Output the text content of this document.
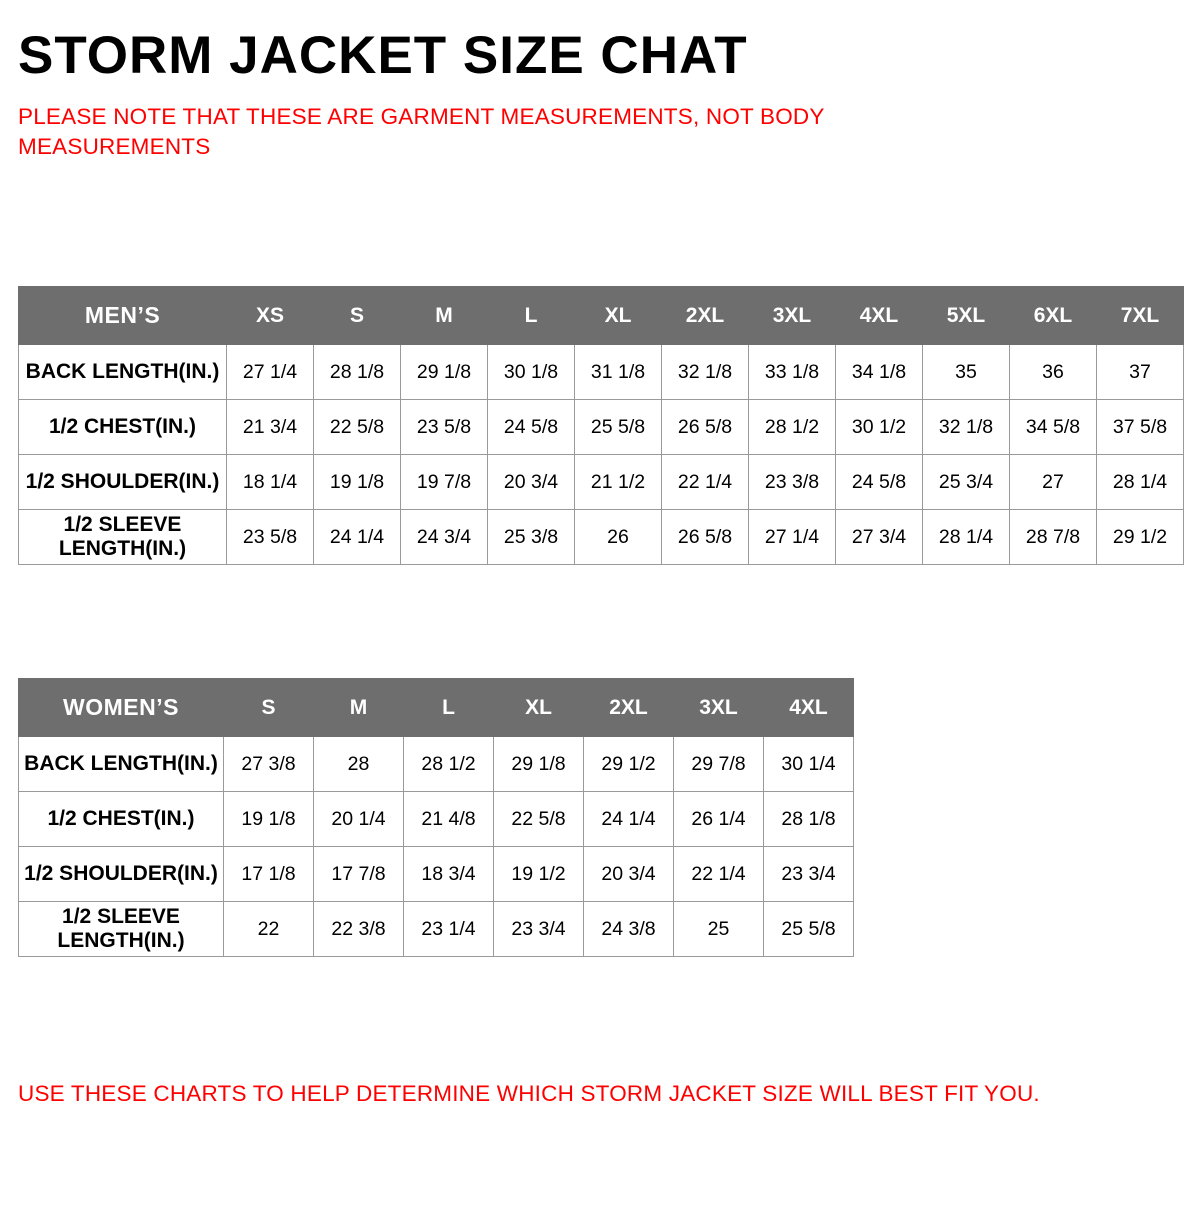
STORM JACKET SIZE CHAT

PLEASE NOTE THAT THESE ARE GARMENT MEASUREMENTS, NOT BODY MEASUREMENTS

MEN’S	XS	S	M	L	XL	2XL	3XL	4XL	5XL	6XL	7XL
BACK LENGTH(IN.)	27 1/4	28 1/8	29 1/8	30 1/8	31 1/8	32 1/8	33 1/8	34 1/8	35	36	37
1/2 CHEST(IN.)	21 3/4	22 5/8	23 5/8	24 5/8	25 5/8	26 5/8	28 1/2	30 1/2	32 1/8	34 5/8	37 5/8
1/2 SHOULDER(IN.)	18 1/4	19 1/8	19 7/8	20 3/4	21 1/2	22 1/4	23 3/8	24 5/8	25 3/4	27	28 1/4
1/2 SLEEVE LENGTH(IN.)	23 5/8	24 1/4	24 3/4	25 3/8	26	26 5/8	27 1/4	27 3/4	28 1/4	28 7/8	29 1/2
WOMEN’S	S	M	L	XL	2XL	3XL	4XL
BACK LENGTH(IN.)	27 3/8	28	28 1/2	29 1/8	29 1/2	29 7/8	30 1/4
1/2 CHEST(IN.)	19 1/8	20 1/4	21 4/8	22 5/8	24 1/4	26 1/4	28 1/8
1/2 SHOULDER(IN.)	17 1/8	17 7/8	18 3/4	19 1/2	20 3/4	22 1/4	23 3/4
1/2 SLEEVE LENGTH(IN.)	22	22 3/8	23 1/4	23 3/4	24 3/8	25	25 5/8
USE THESE CHARTS TO HELP DETERMINE WHICH STORM JACKET SIZE WILL BEST FIT YOU.
